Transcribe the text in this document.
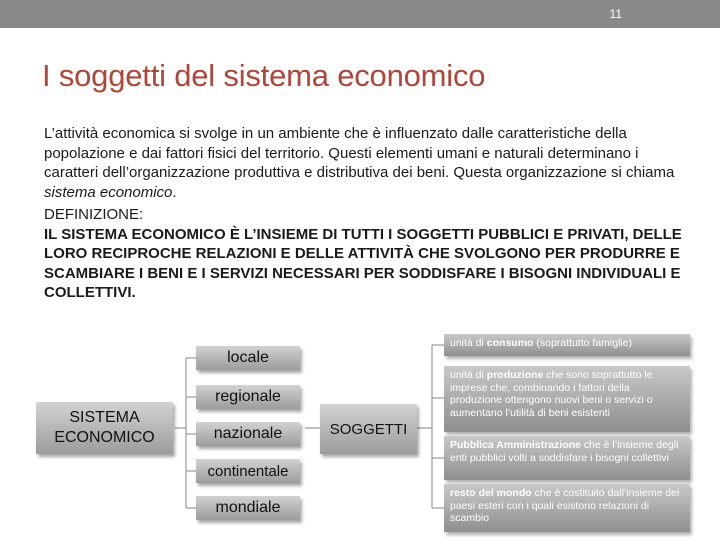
11
I soggetti del sistema economico

L’attività economica si svolge in un ambiente che è influenzato dalle caratteristiche della popolazione e dai fattori fisici del territorio. Questi elementi umani e naturali determinano i caratteri dell’organizzazione produttiva e distributiva dei beni. Questa organizzazione si chiama sistema economico.

DEFINIZIONE:

IL SISTEMA ECONOMICO È L’INSIEME DI TUTTI I SOGGETTI PUBBLICI E PRIVATI, DELLE LORO RECIPROCHE RELAZIONI E DELLE ATTIVITÀ CHE SVOLGONO PER PRODURRE E SCAMBIARE I BENI E I SERVIZI NECESSARI PER SODDISFARE I BISOGNI INDIVIDUALI E COLLETTIVI.

SISTEMA ECONOMICO
locale
regionale
nazionale
continentale
mondiale
SOGGETTI
unità di consumo (soprattutto famiglie)
unità di produzione che sono soprattutto le imprese che, combinando i fattori della produzione ottengono nuovi beni o servizi o aumentano l’utilità di beni esistenti
Pubblica Amministrazione che è l’insieme degli enti pubblici volti a soddisfare i bisogni collettivi
resto del mondo che è costituito dall’insieme dei paesi esteri con i quali esistono relazioni di scambio
